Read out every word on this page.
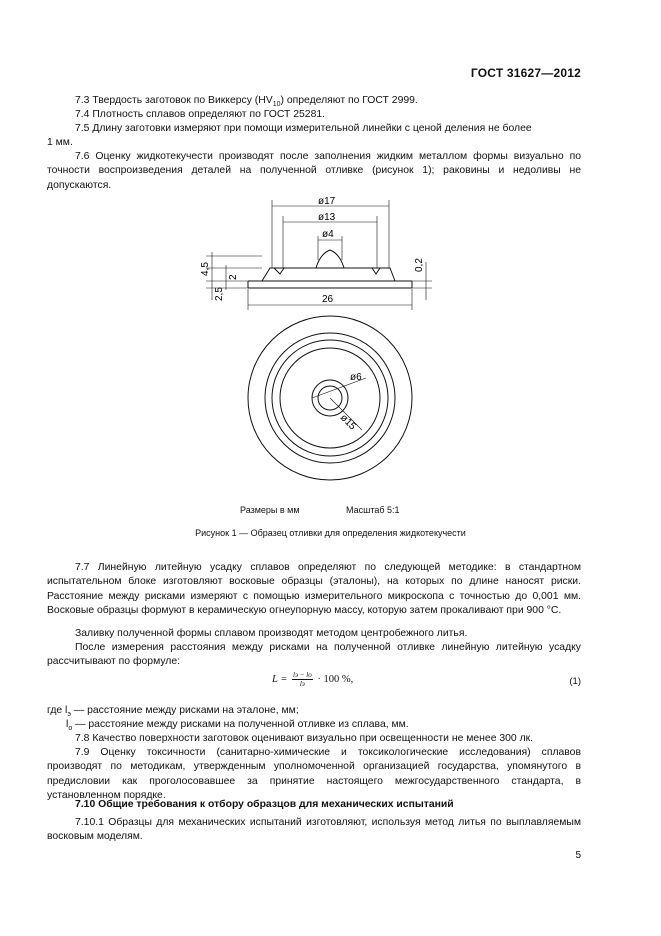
ГОСТ 31627—2012
7.3 Твердость заготовок по Виккерсу $(HV_{10})$ определяют по ГОСТ 2999.
7.4 Плотность сплавов определяют по ГОСТ 25281.
7.5 Длину заготовки измеряют при помощи измерительной линейки с ценой деления не более
1 мм.
7.6 Оценку жидкотекучести производят после заполнения жидким металлом формы визуально по точности воспроизведения деталей на полученной отливке (рисунок 1); раковины и недоливы не допускаются.
ø17
ø13
ø4
26
ø6
ø15
4,5
2
2,5
0,2
Размеры в мм	Масштаб 5:1
Рисунок 1 — Образец отливки для определения жидкотекучести
7.7 Линейную литейную усадку сплавов определяют по следующей методике: в стандартном испытательном блоке изготовляют восковые образцы (эталоны), на которых по длине наносят риски. Расстояние между рисками измеряют с помощью измерительного микроскопа с точностью до 0,001 мм. Восковые образцы формуют в керамическую огнеупорную массу, которую затем прокаливают при 900 °С.
Заливку полученной формы сплавом производят методом центробежного литья.
После измерения расстояния между рисками на полученной отливке линейную литейную усадку рассчитывают по формуле:
$L = \frac{lэ - lо}{lэ} \cdot 100$ %,	(1)
где $l_э$ — расстояние между рисками на эталоне, мм;
$l_о$ — расстояние между рисками на полученной отливке из сплава, мм.
7.8 Качество поверхности заготовок оценивают визуально при освещенности не менее 300 лк.
7.9 Оценку токсичности (санитарно-химические и токсикологические исследования) сплавов производят по методикам, утвержденным уполномоченной организацией государства, упомянутого в предисловии как проголосовавшее за принятие настоящего межгосударственного стандарта, в установленном порядке.
7.10 Общие требования к отбору образцов для механических испытаний
7.10.1 Образцы для механических испытаний изготовляют, используя метод литья по выплавляемым восковым моделям.
5
